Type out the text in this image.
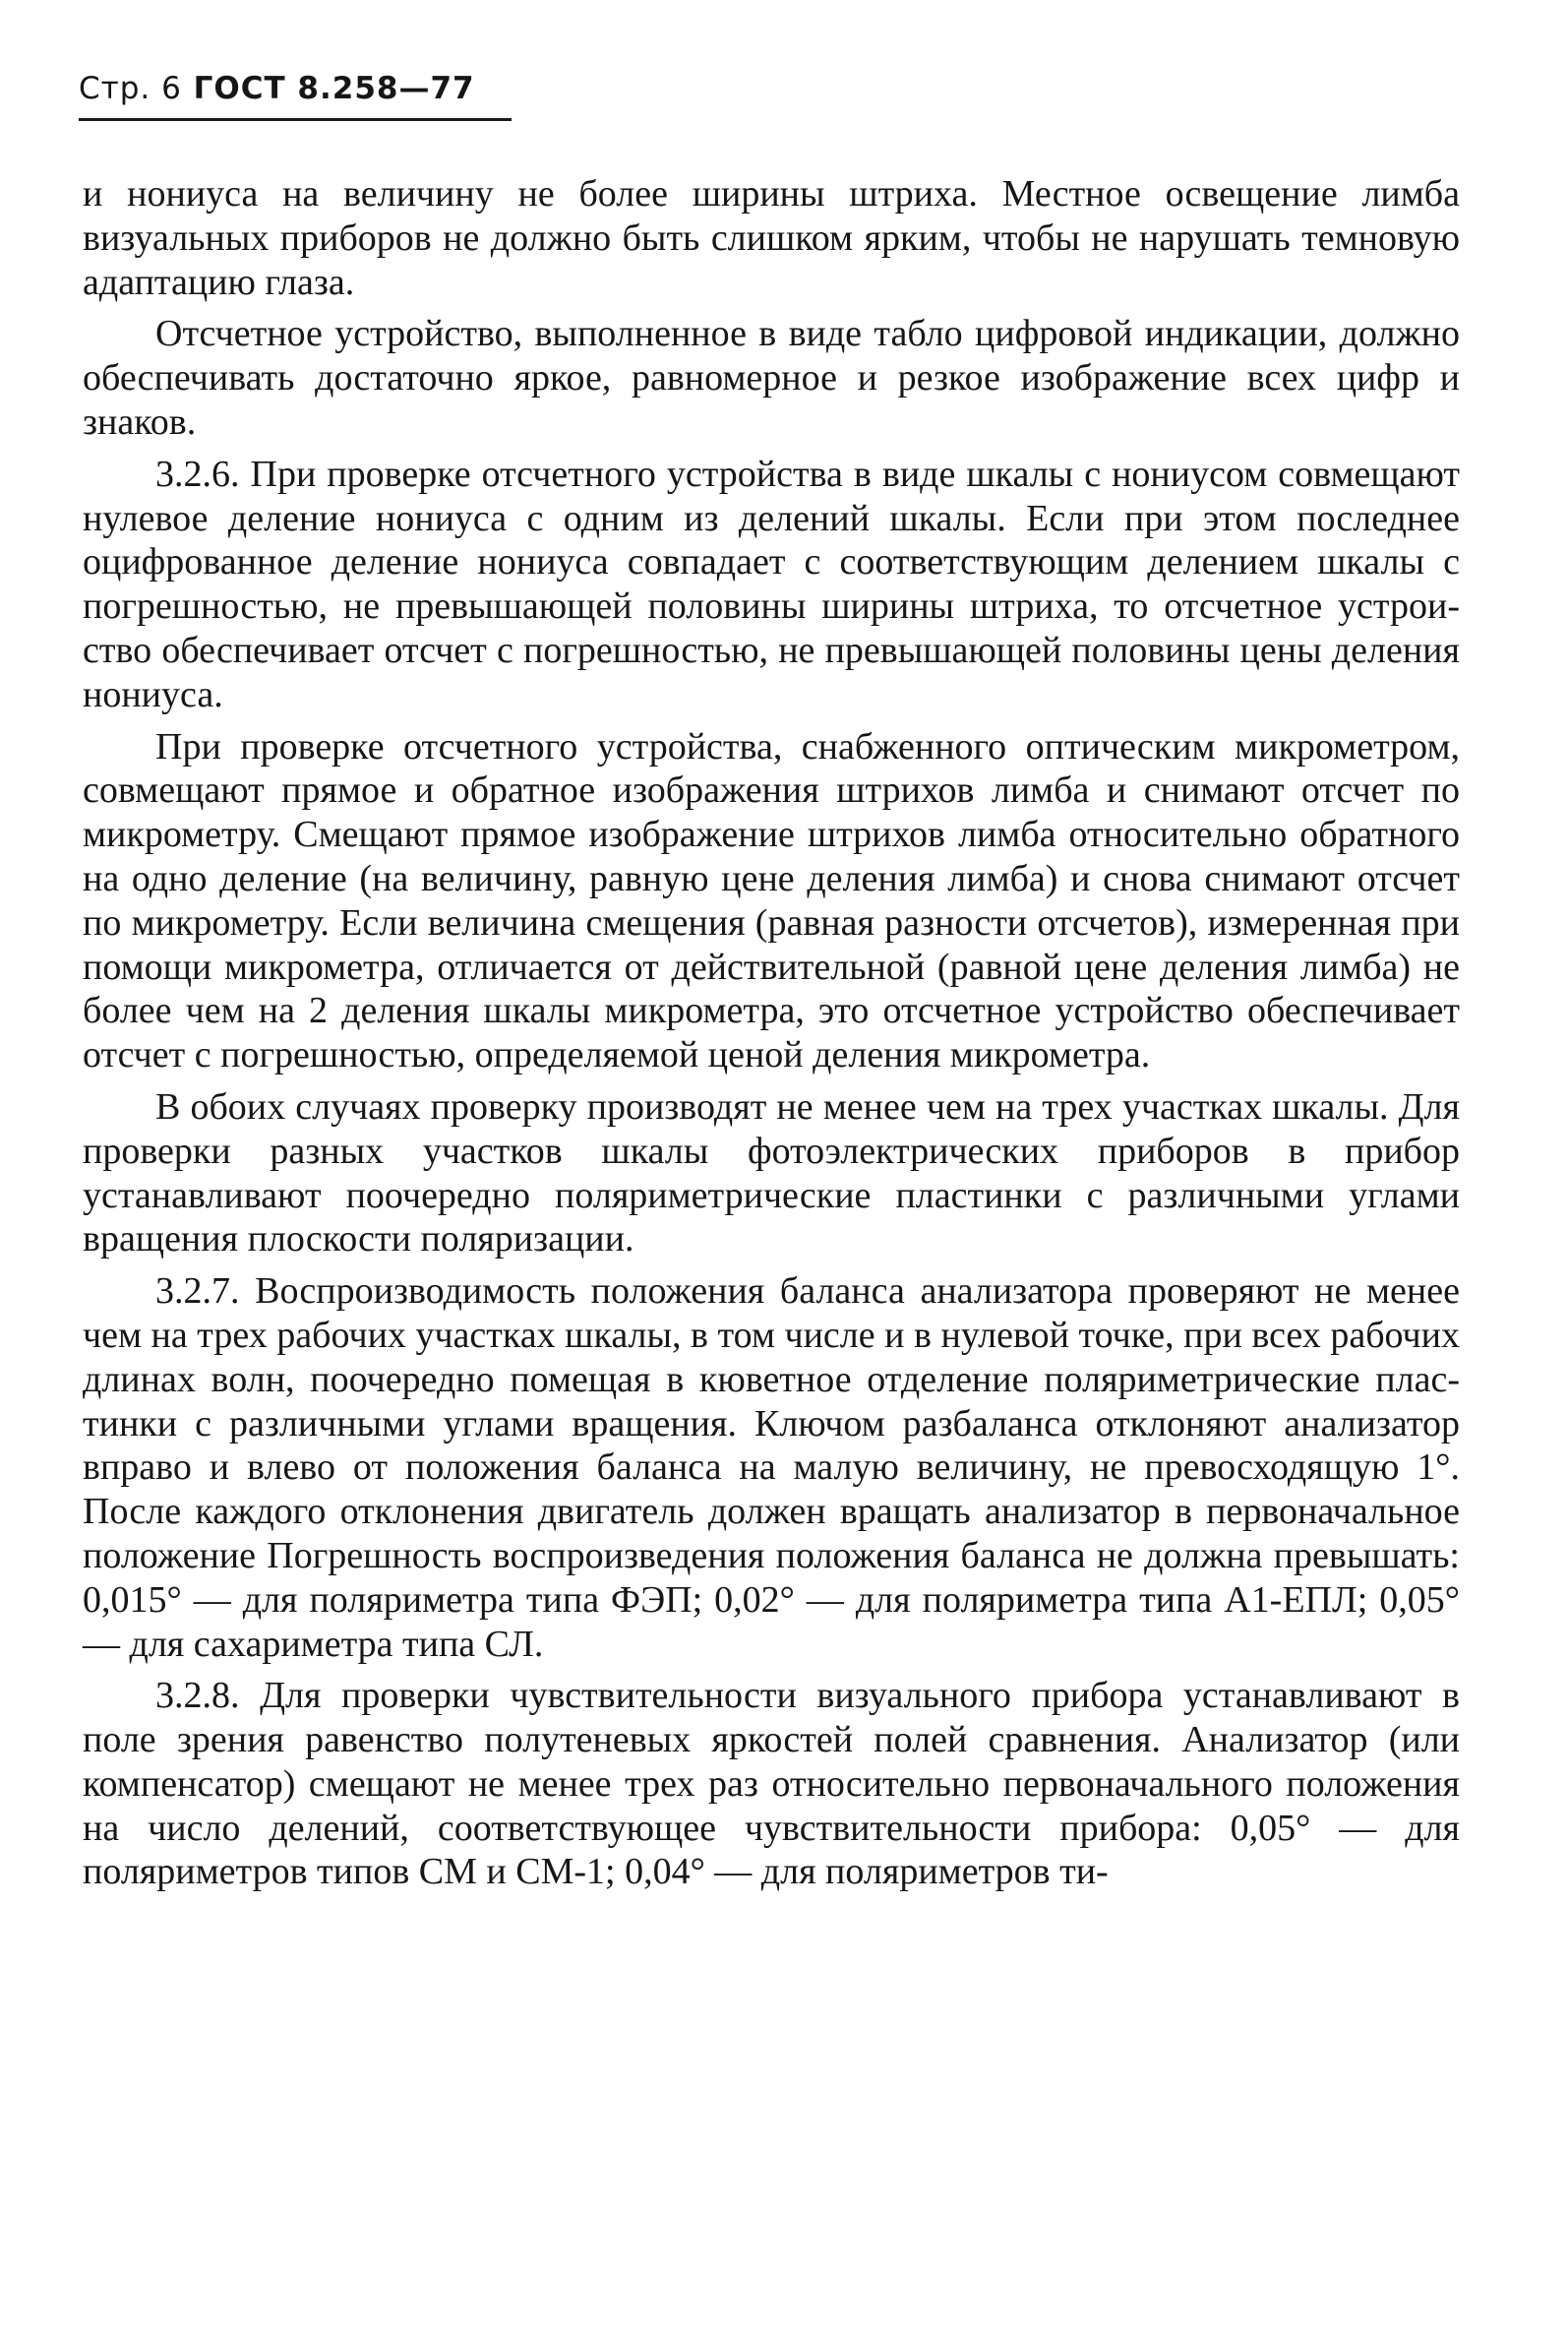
Стр. 6 ГОСТ 8.258—77

и нониуса на величину не более ширины штриха. Местное освещение лимба визуальных приборов не должно быть слишком ярким, чтобы не нарушать темновую адаптацию глаза.

Отсчетное устройство, выполненное в виде табло цифровой индикации, должно обеспечивать достаточно яркое, равномерное и резкое изображение всех цифр и знаков.

3.2.6. При проверке отсчетного устройства в виде шкалы с нониусом совмещают нулевое деление нониуса с одним из делений шкалы. Если при этом последнее оцифрованное деление нониуса совпадает с соответствующим делением шкалы с погрешностью, не превышающей половины ширины штриха, то отсчетное устроиство обеспечивает отсчет с погрешностью, не превышающей половины цены деления нониуса.

При проверке отсчетного устройства, снабженного оптическим микрометром, совмещают прямое и обратное изображения штрихов лимба и снимают отсчет по микрометру. Смещают прямое изображение штрихов лимба относительно обратного на одно деление (на величину, равную цене деления лимба) и снова снимают отсчет по микрометру. Если величина смещения (равная разности отсчетов), измеренная при помощи микрометра, отличается от действительной (равной цене деления лимба) не более чем на 2 деления шкалы микрометра, это отсчетное устройство обеспечивает отсчет с погрешностью, определяемой ценой деления микрометра.

В обоих случаях проверку производят не менее чем на трех участках шкалы. Для проверки разных участков шкалы фотоэлектрических приборов в прибор устанавливают поочередно поляриметрические пластинки с различными углами вращения плоскости поляризации.

3.2.7. Воспроизводимость положения баланса анализатора проверяют не менее чем на трех рабочих участках шкалы, в том числе и в нулевой точке, при всех рабочих длинах волн, поочередно помещая в кюветное отделение поляриметрические пластинки с различными углами вращения. Ключом разбаланса отклоняют анализатор вправо и влево от положения баланса на малую величину, не превосходящую 1°. После каждого отклонения двигатель должен вращать анализатор в первоначальное положение Погрешность воспроизведения положения баланса не должна превышать: 0,015° — для поляриметра типа ФЭП; 0,02° — для поляриметра типа А1-ЕПЛ; 0,05° — для сахариметра типа СЛ.

3.2.8. Для проверки чувствительности визуального прибора устанавливают в поле зрения равенство полутеневых яркостей полей сравнения. Анализатор (или компенсатор) смещают не менее трех раз относительно первоначального положения на число делений, соответствующее чувствительности прибора: 0,05° — для поляриметров типов СМ и СМ-1; 0,04° — для поляриметров ти-
